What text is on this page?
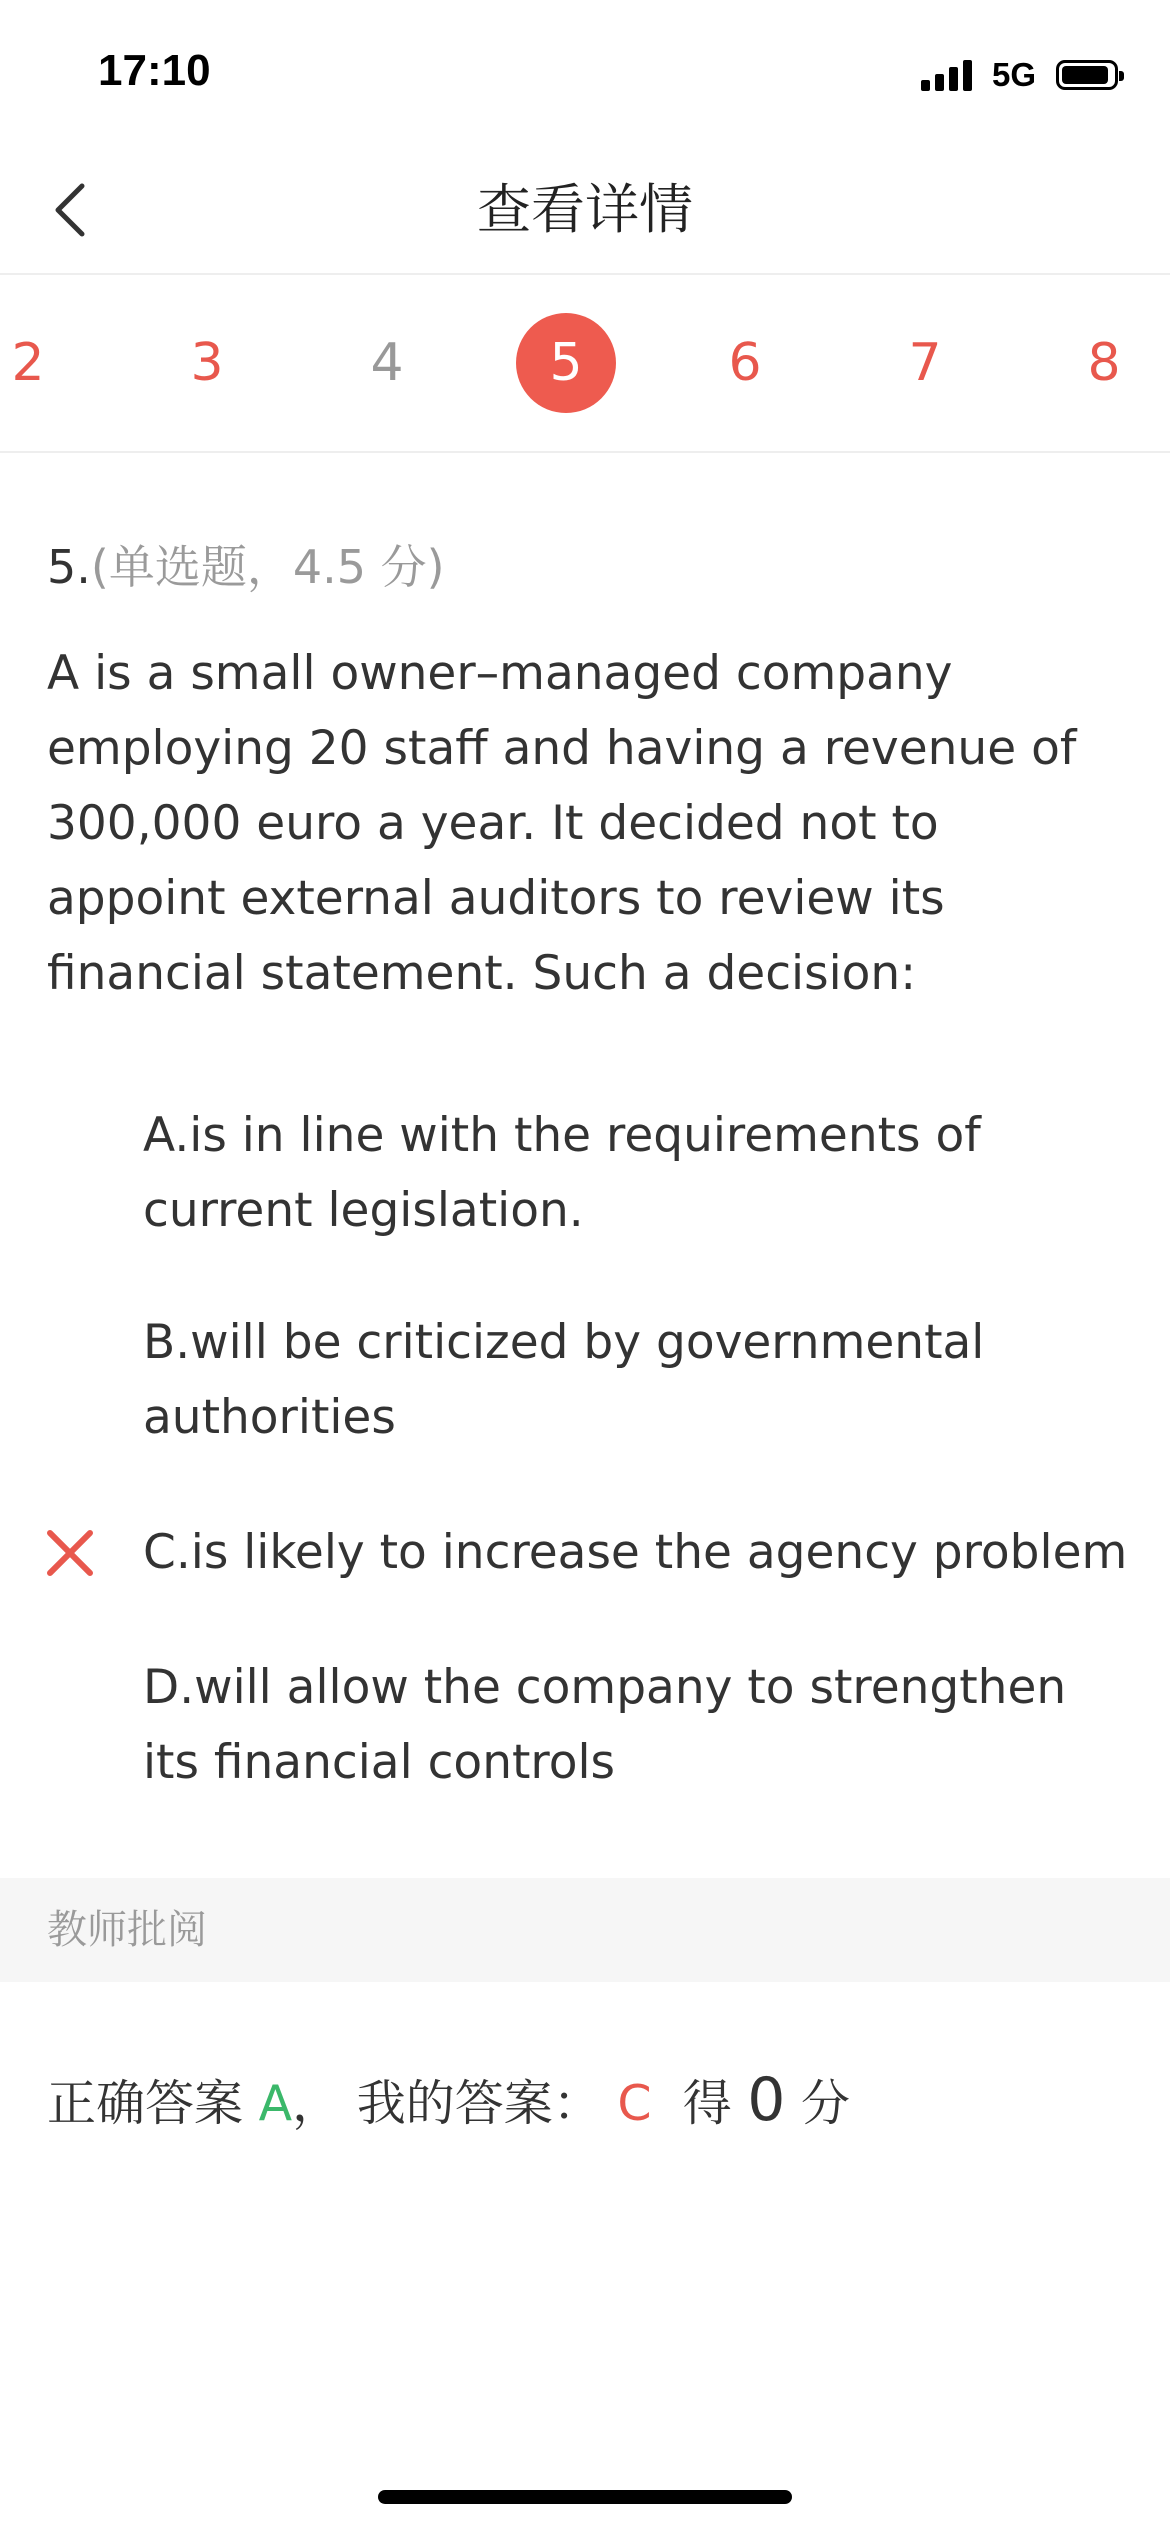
17:10	5G
查看详情
2	3	4	5	6	7	8
5.(单选题，4.5 分)
A is a small owner–managed company employing 20 staff and having a revenue of 300,000 euro a year. It decided not to appoint external auditors to review its financial statement. Such a decision:
A.is in line with the requirements of current legislation.
B.will be criticized by governmental authorities
C.is likely to increase the agency problem
D.will allow the company to strengthen its financial controls
教师批阅
正确答案 A， 我的答案： C 得 0 分
